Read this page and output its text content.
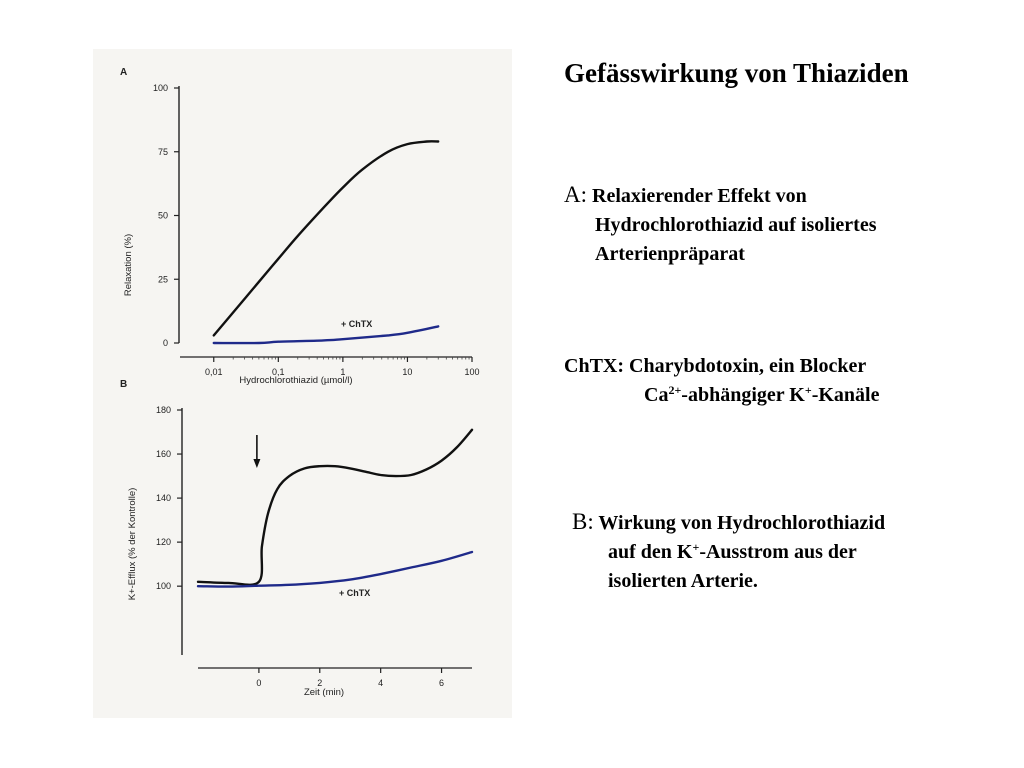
A
0
25
50
75
100
Relaxation (%)
0,01	0,1	1	10	100
Hydrochlorothiazid (µmol/l)
+ ChTX
B
100
120
140
160
180
K+-Efflux (% der Kontrolle)
0	2	4	6
Zeit (min)
+ ChTX
Gefässwirkung von Thiaziden
A: Relaxierender Effekt von
Hydrochlorothiazid auf isoliertes
Arterienpräparat
ChTX: Charybdotoxin, ein Blocker
$Ca^{2+}$-abhängiger K+-Kanäle
B: Wirkung von Hydrochlorothiazid
auf den K+-Ausstrom aus der
isolierten Arterie.
